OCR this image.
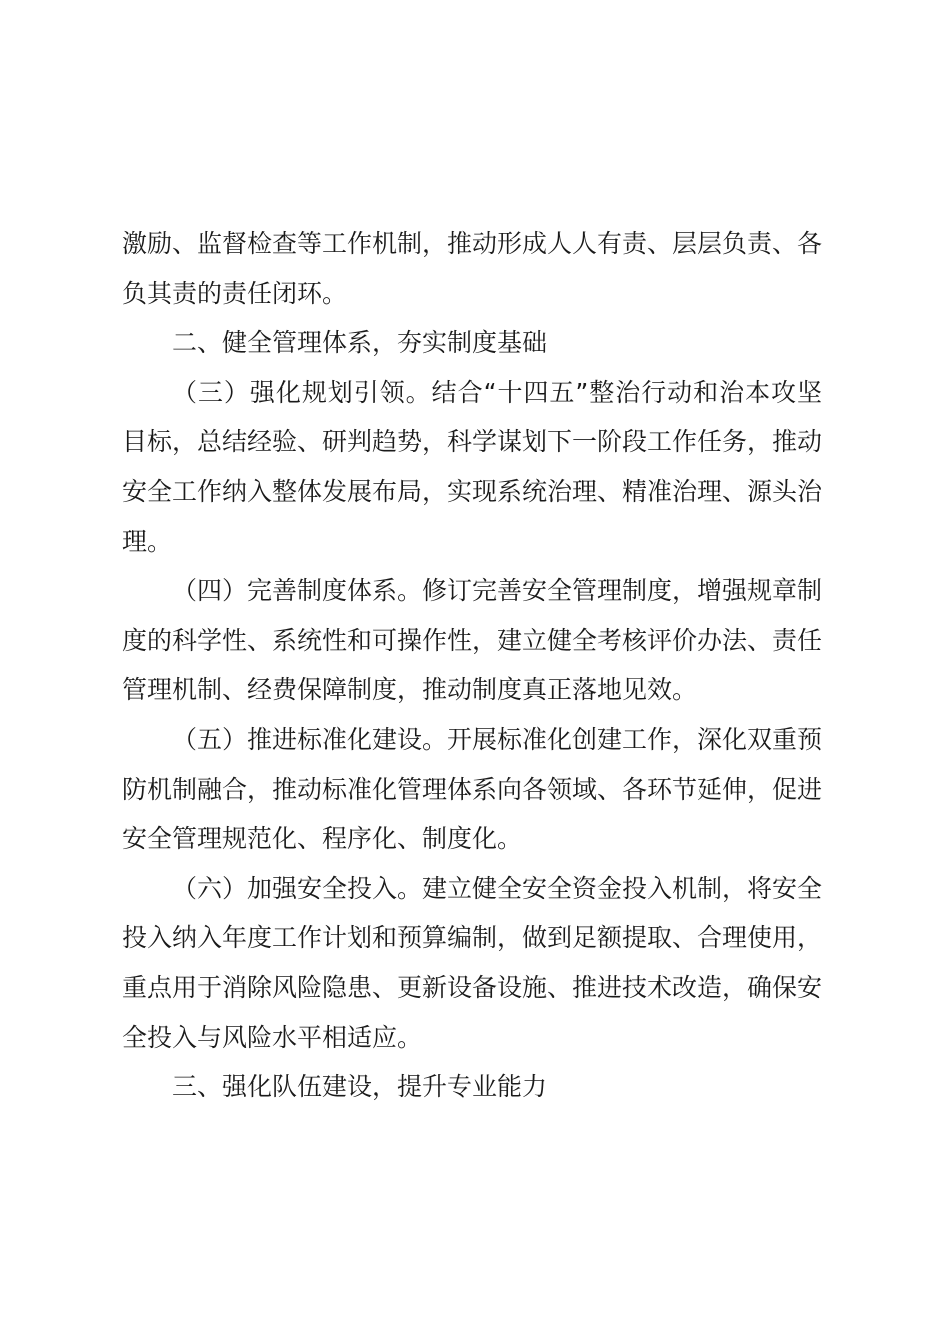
激励、监督检查等工作机制，推动形成人人有责、层层负责、各负其责的责任闭环。

二、健全管理体系，夯实制度基础

（三）强化规划引领。结合“十四五”整治行动和治本攻坚目标，总结经验、研判趋势，科学谋划下一阶段工作任务，推动安全工作纳入整体发展布局，实现系统治理、精准治理、源头治理。

（四）完善制度体系。修订完善安全管理制度，增强规章制度的科学性、系统性和可操作性，建立健全考核评价办法、责任管理机制、经费保障制度，推动制度真正落地见效。

（五）推进标准化建设。开展标准化创建工作，深化双重预防机制融合，推动标准化管理体系向各领域、各环节延伸，促进安全管理规范化、程序化、制度化。

（六）加强安全投入。建立健全安全资金投入机制，将安全投入纳入年度工作计划和预算编制，做到足额提取、合理使用，重点用于消除风险隐患、更新设备设施、推进技术改造，确保安全投入与风险水平相适应。

三、强化队伍建设，提升专业能力
